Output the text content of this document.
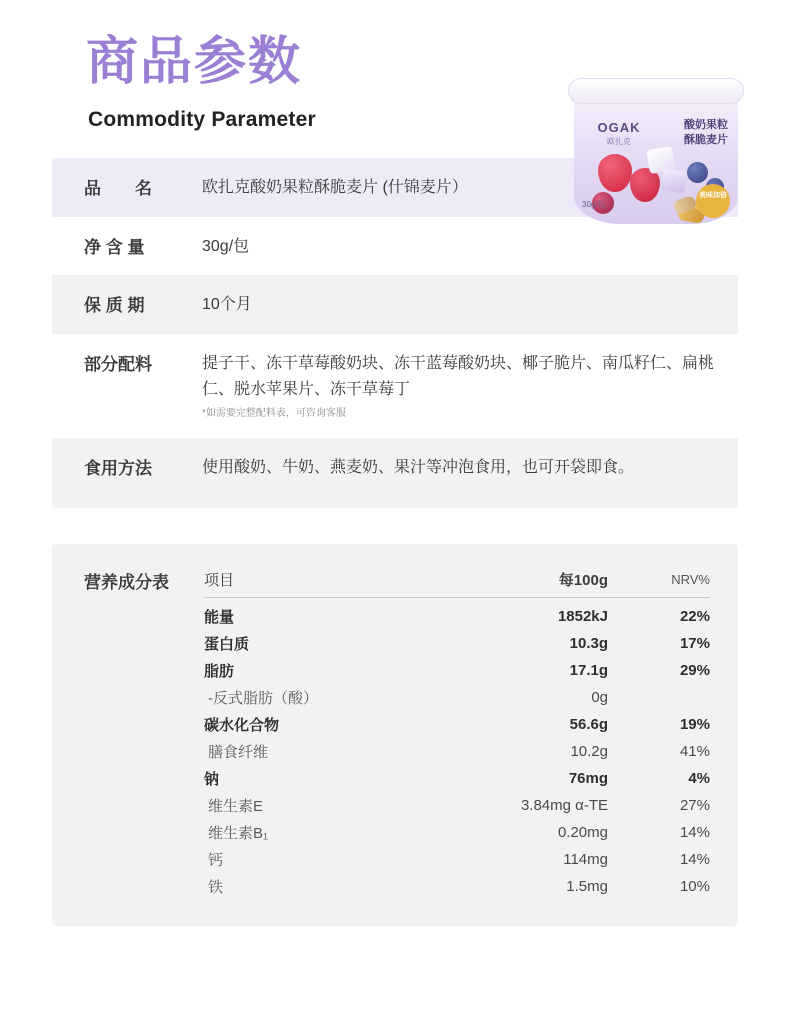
商品参数
Commodity Parameter	OGAK
欧扎克
酸奶果粒
酥脆麦片
30g/包
美味加倍
品　　名	欧扎克酸奶果粒酥脆麦片 (什锦麦片）
净 含 量	30g/包
保 质 期	10个月
部分配料	提子干、冻干草莓酸奶块、冻干蓝莓酸奶块、椰子脆片、南瓜籽仁、扁桃仁、脱水苹果片、冻干草莓丁
*如需要完整配料表，可咨询客服
食用方法	使用酸奶、牛奶、燕麦奶、果汁等冲泡食用，也可开袋即食。
营养成分表	项目	每100g	NRV%
能量	1852kJ	22%
蛋白质	10.3g	17%
脂肪	17.1g	29%
-反式脂肪（酸）	0g	
碳水化合物	56.6g	19%
膳食纤维	10.2g	41%
钠	76mg	4%
维生素E	3.84mg α-TE	27%
维生素B₁	0.20mg	14%
钙	114mg	14%
铁	1.5mg	10%
